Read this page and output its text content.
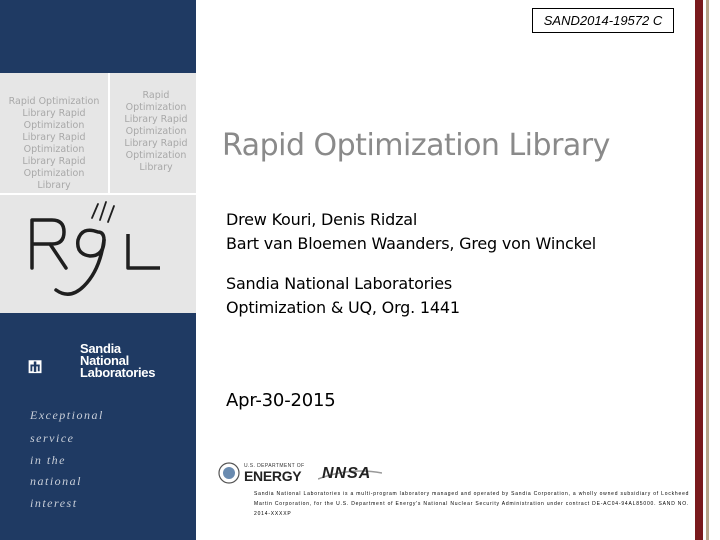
Rapid Optimization Library Rapid Optimization Library Rapid Optimization Library Rapid Optimization Library
Rapid Optimization Library Rapid Optimization Library Rapid Optimization Library
Sandia
National
Laboratories
Exceptional
service
in the
national
interest
SAND2014-19572 C
Rapid Optimization Library
Drew Kouri, Denis Ridzal
Bart van Bloemen Waanders, Greg von Winckel
Sandia National Laboratories
Optimization & UQ, Org. 1441
Apr-30-2015
U.S. DEPARTMENT OF
ENERGY NNSA
Sandia National Laboratories is a multi-program laboratory managed and operated by Sandia Corporation, a wholly owned subsidiary of Lockheed Martin Corporation, for the U.S. Department of Energy's National Nuclear Security Administration under contract DE-AC04-94AL85000. SAND NO. 2014-XXXXP
